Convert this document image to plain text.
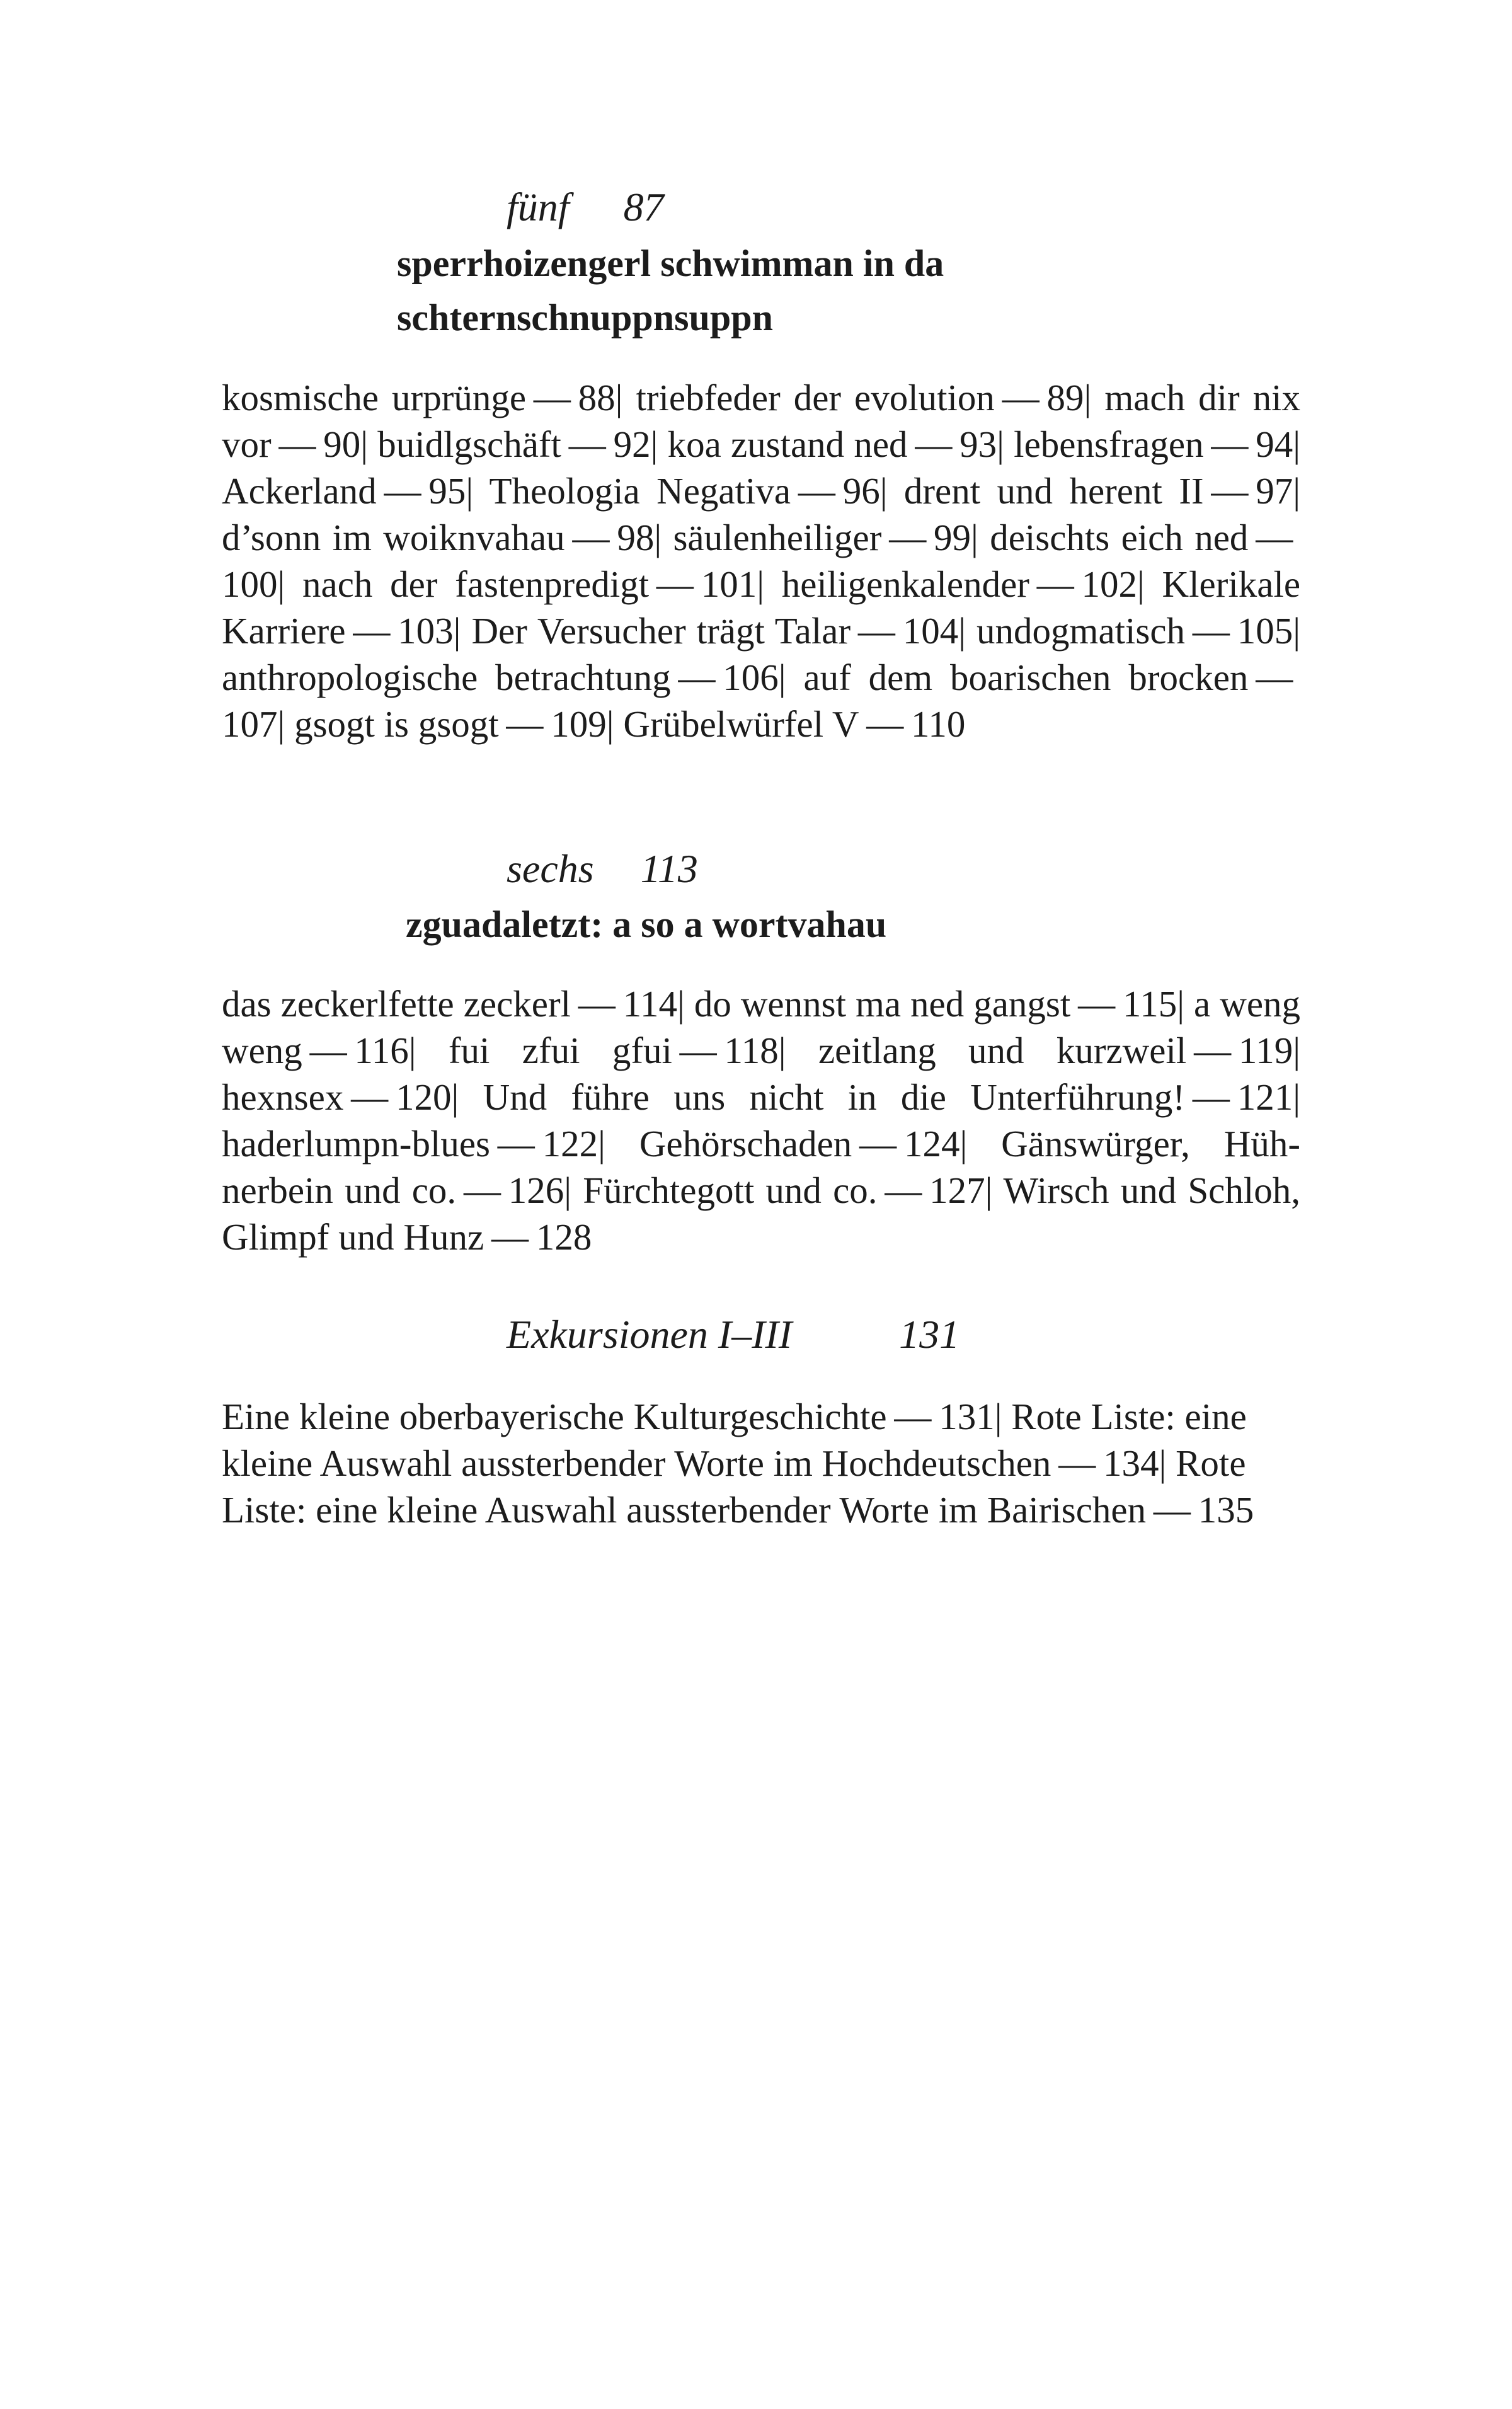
fünf 87
sperrhoizengerl schwimman in da
schternschnuppnsuppn
kosmische urprünge — 88| triebfeder der evolution — 89| mach dir nix vor — 90| buidlgschäft — 92| koa zustand ned — 93| lebensfragen — 94| Ackerland — 95| Theologia Negativa — 96| drent und herent II — 97| d’sonn im woiknvahau — 98| säulenheiliger — 99| deischts eich ned — 100| nach der fastenpredigt — 101| heiligenkalender — 102| Klerikale Karriere — 103| Der Versucher trägt Talar — 104| undogmatisch — 105| anthropologische betrachtung — 106| auf dem boarischen brocken — 107| gsogt is gsogt — 109| Grübelwürfel V — 110
sechs 113
zguadaletzt: a so a wortvahau
das zeckerlfette zeckerl — 114| do wennst ma ned gangst — 115| a weng weng — 116| fui zfui gfui — 118| zeitlang und kurzweil — 119| hexnsex — 120| Und führe uns nicht in die Unterführung! — 121| haderlumpn-blues — 122| Gehörschaden — 124| Gänswürger, Hühnerbein und co. — 126| Fürchtegott und co. — 127| Wirsch und Schloh, Glimpf und Hunz — 128
Exkursionen I–III	131
Eine kleine oberbayerische Kulturgeschichte — 131| Rote Liste: eine kleine Auswahl aussterbender Worte im Hochdeutschen — 134| Rote Liste: eine kleine Auswahl aussterbender Worte im Bairischen — 135
